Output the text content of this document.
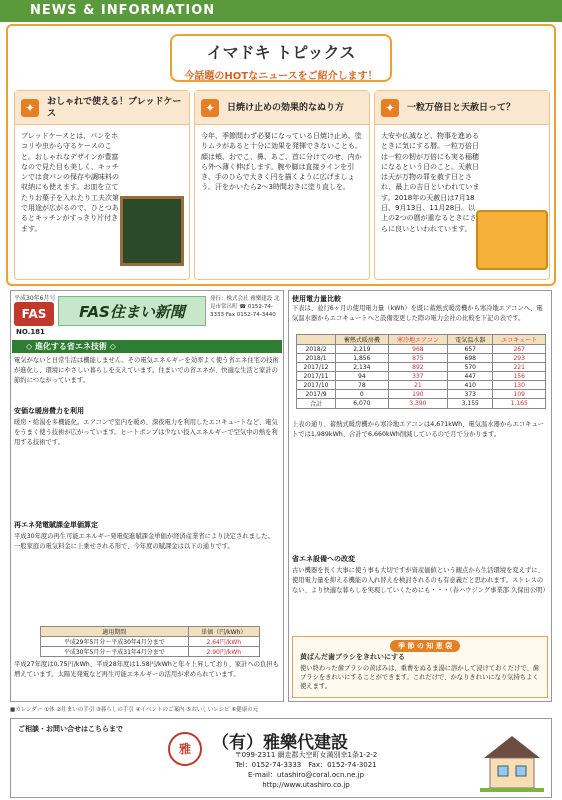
NEWS & INFORMATION
イマドキ トピックス
今話題のHOTなニュースをご紹介します！
✦	おしゃれで使える！ブレッドケース
ブレッドケースとは、パンをホコリや虫から守るケースのこと。おしゃれなデザインが豊富なので見た目も美しく、キッチンでは食パンの保存や調味料の収納にも使えます。お皿を立てたりお菓子を入れたり工夫次第で用途が広がるので、ひとつあるとキッチンがすっきり片付きます。
✦	日焼け止めの効果的なぬり方
今年、季節問わず必要になっている日焼け止め。塗りムラがあると十分に効果を発揮できないことも。顔は頬、おでこ、鼻、あご、首に分けてのせ、内から外へ薄く伸ばします。腕や脚は直接ラインを引き、手のひらで大きく円を描くように広げましょう。汗をかいたら2〜3時間おきに塗り直しを。
✦	一粒万倍日と天赦日って？
大安や仏滅など、物事を進めるときに気にする暦。一粒万倍日は一粒の籾が万倍にも実る稲穂になるという日のこと。天赦日は天が万物の罪を赦す日とされ、最上の吉日といわれています。2018年の天赦日は7月18日、9月13日、11月28日。以上の2つの暦が重なるときにさらに良いといわれています。
平成30年6月号
FAS
NO.181
FAS住まい新聞
発行：株式会社 雅樂建設 北見市常呂町 ☎ 0152-74-3333 Fax 0152-74-3440
◇ 進化する省エネ技術 ◇
電気がないと日常生活は機能しません。その電気エネルギーを効率よく使う省エネ住宅の技術が進化し、環境にやさしい暮らしを支えています。住まいでの省エネが、快適な生活と家計の節約につながっています。
安価な暖房費力を利用
暖房・給湯を多機能化。エアコンで室内を暖め、深夜電力を利用したエコキュートなど、電気をうまく使う技術が広がっています。ヒートポンプは少ない投入エネルギーで空気中の熱を利用する技術です。
再エネ発電賦課金単価算定
平成30年度の再生可能エネルギー発電促進賦課金単価が経済産業省により決定されました。一般家庭の電気料金に上乗せされる形で、今年度の賦課金は以下の通りです。
適用期間	単価（円/kWh）
平成29年5月分〜平成30年4月分まで	2.64円/kWh
平成30年5月分〜平成31年4月分まで	2.90円/kWh
平成27年度は0.75円/kWh、平成28年度は1.58円/kWhと年々上昇しており、家計への負担も増えています。太陽光発電など再生可能エネルギーの活用が求められています。
使用電力量比較
下表は、並行6ヶ月の使用電力量（kWh）を既に蓄熱式暖房機から寒冷地エアコンへ、電気温水器からエコキュートへと設備変更した際の電力会社の比較を下記の表です。
	蓄熱式暖房機	寒冷地エアコン	電気温水器	エコキュート
2018/2	2,219	968	657	267
2018/1	1,856	875	698	293
2017/12	2,134	892	570	221
2017/11	94	337	447	156
2017/10	78	21	410	130
2017/9	0	190	373	109
合計	6,070	3,390	3,155	1,165
上表の通り、蓄熱式暖房機から寒冷地エアコンは4,671kWh、電気温水器からエコキュートでは1,989kWh、合計で6,660kWh削減しているので月で分かります。
省エネ設備への改変
古い機器を長く大事に使う事も大切ですが資産価値という観点から生活環境を変えずに、使用電力量を抑える機能の入れ替えを検討されるのも有意義だと思われます。ストレスのない、より快適な暮らしを実現していくためにも・・・（春ハウジング事業部 久保田公明）
季 節 の 知 恵 袋
黄ばんだ歯ブラシをきれいにする
使い終わった歯ブラシの黄ばみは、重曹をぬるま湯に溶かして浸けておくだけで、歯ブラシをきれいにすることができます。これだけで、かなりきれいになり気持ちよく使えます。
■カレンダー ①体 ②住まいの手引 ③暮らしの手引 ④イベントのご案内 ⑤おいしいレシピ ⑥健康の元
ご相談・お問い合せはこちらまで
雅	（有）雅樂代建設
〒099-2311 網走郡大空町女満別幸1条1-2-2
Tel：0152-74-3333　Fax：0152-74-3021
E-mail：utashiro@coral.ocn.ne.jp
http://www.utashiro.co.jp
